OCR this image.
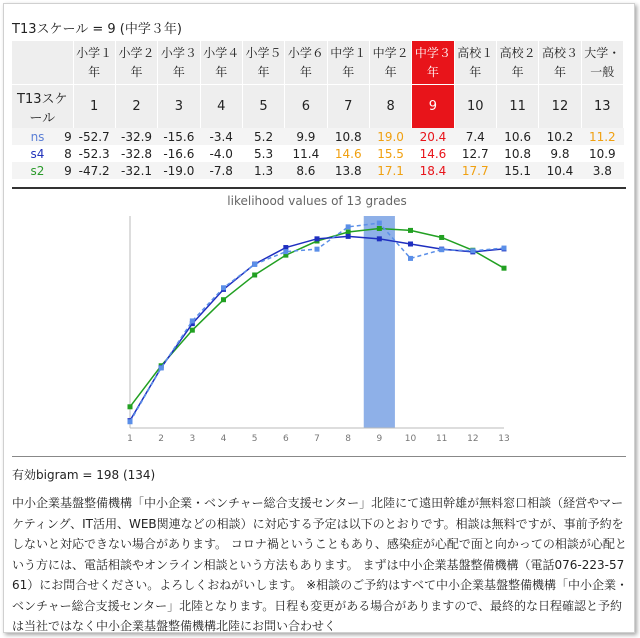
T13スケール = 9 (中学３年)
		小学１年	小学２年	小学３年	小学４年	小学５年	小学６年	中学１年	中学２年	中学３年	高校１年	高校２年	高校３年	大学・一般
T13スケール		1	2	3	4	5	6	7	8	9	10	11	12	13
ns	9	-52.7	-32.9	-15.6	-3.4	5.2	9.9	10.8	19.0	20.4	7.4	10.6	10.2	11.2
s4	8	-52.3	-32.8	-16.6	-4.0	5.3	11.4	14.6	15.5	14.6	12.7	10.8	9.8	10.9
s2	9	-47.2	-32.1	-19.0	-7.8	1.3	8.6	13.8	17.1	18.4	17.7	15.1	10.4	3.8
likelihood values of 13 grades
1	2	3	4	5	6	7	8	9	10 11 12 13
有効bigram = 198 (134)

中小企業基盤整備機構「中小企業・ベンチャー総合支援センター」北陸にて遠田幹雄が無料窓口相談（経営やマーケティング、IT活用、WEB関連などの相談）に対応する予定は以下のとおりです。相談は無料ですが、事前予約をしないと対応できない場合があります。 コロナ禍ということもあり、感染症が心配で面と向かっての相談が心配という方には、電話相談やオンライン相談という方法もあります。 まずは中小企業基盤整備機構（電話076-223-5761）にお問合せください。よろしくおねがいします。 ※相談のご予約はすべて中小企業基盤整備機構「中小企業・ベンチャー総合支援センター」北陸となります。日程も変更がある場合がありますので、最終的な日程確認と予約は当社ではなく中小企業基盤整備機構北陸にお問い合わせく
